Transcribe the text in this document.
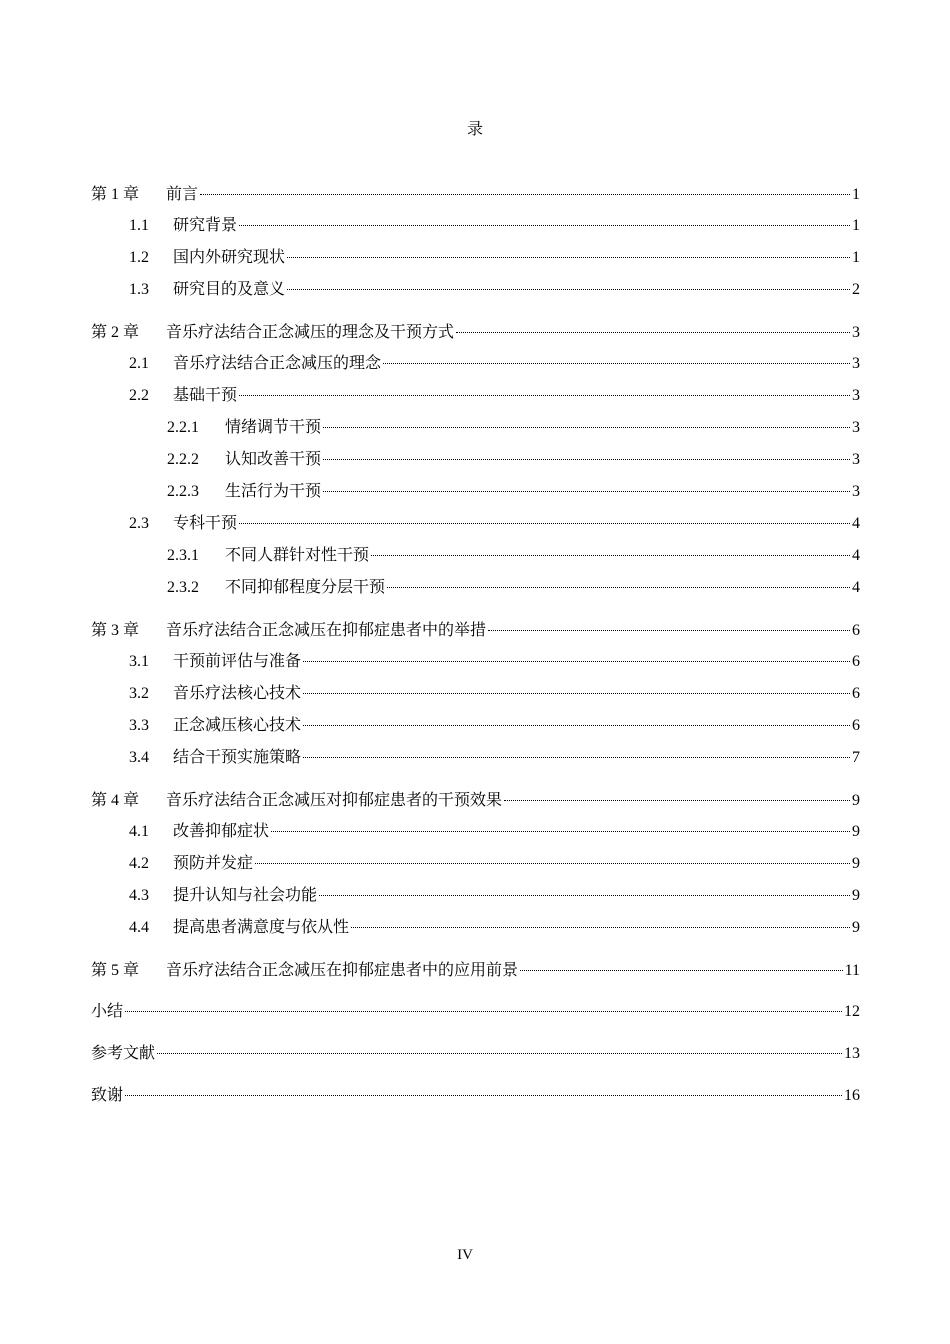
录
第 1 章	前言	1
1.1	研究背景	1
1.2	国内外研究现状	1
1.3	研究目的及意义	2
第 2 章	音乐疗法结合正念减压的理念及干预方式	3
2.1	音乐疗法结合正念减压的理念	3
2.2	基础干预	3
2.2.1	情绪调节干预	3
2.2.2	认知改善干预	3
2.2.3	生活行为干预	3
2.3	专科干预	4
2.3.1	不同人群针对性干预	4
2.3.2	不同抑郁程度分层干预	4
第 3 章	音乐疗法结合正念减压在抑郁症患者中的举措	6
3.1	干预前评估与准备	6
3.2	音乐疗法核心技术	6
3.3	正念减压核心技术	6
3.4	结合干预实施策略	7
第 4 章	音乐疗法结合正念减压对抑郁症患者的干预效果	9
4.1	改善抑郁症状	9
4.2	预防并发症	9
4.3	提升认知与社会功能	9
4.4	提高患者满意度与依从性	9
第 5 章	音乐疗法结合正念减压在抑郁症患者中的应用前景	11
小结	12
参考文献	13
致谢	16
IV
